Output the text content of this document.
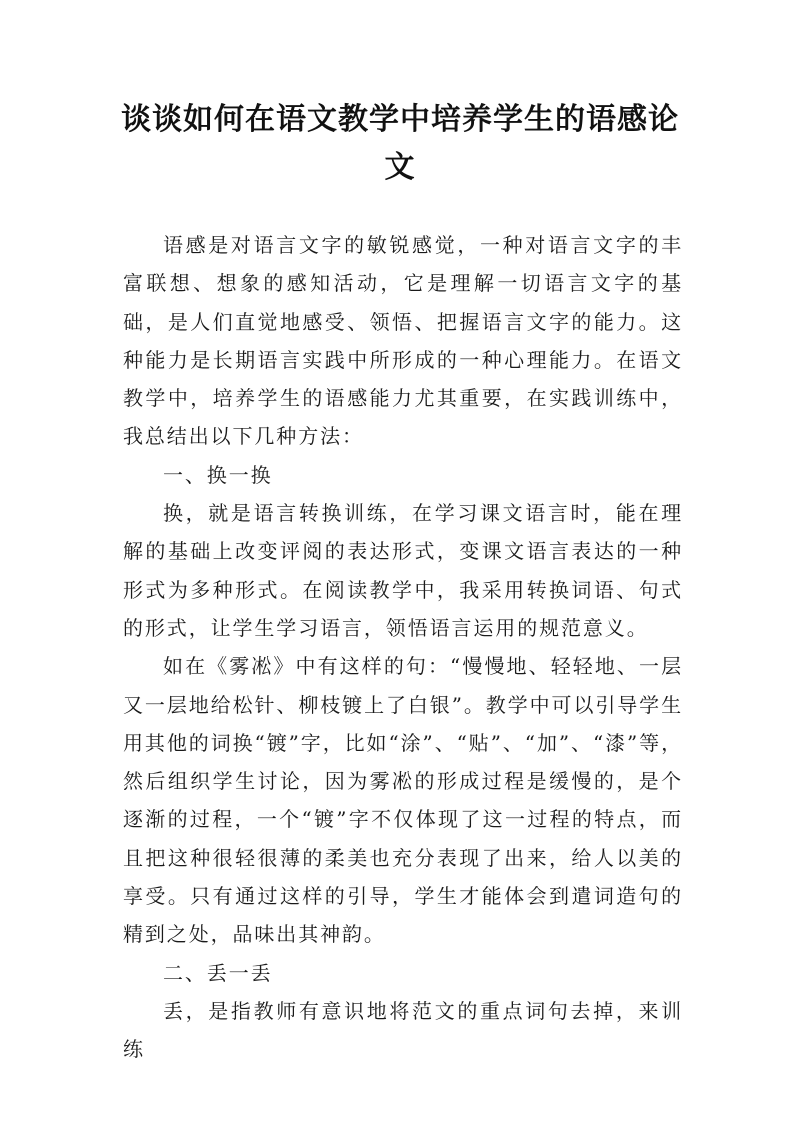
谈谈如何在语文教学中培养学生的语感论文

语感是对语言文字的敏锐感觉，一种对语言文字的丰富联想、想象的感知活动，它是理解一切语言文字的基础，是人们直觉地感受、领悟、把握语言文字的能力。这种能力是长期语言实践中所形成的一种心理能力。在语文教学中，培养学生的语感能力尤其重要，在实践训练中，我总结出以下几种方法：

一、换一换

换，就是语言转换训练，在学习课文语言时，能在理解的基础上改变评阅的表达形式，变课文语言表达的一种形式为多种形式。在阅读教学中，我采用转换词语、句式的形式，让学生学习语言，领悟语言运用的规范意义。

如在《雾凇》中有这样的句：“慢慢地、轻轻地、一层又一层地给松针、柳枝镀上了白银”。教学中可以引导学生用其他的词换“镀”字，比如“涂”、“贴”、“加”、“漆”等，然后组织学生讨论，因为雾凇的形成过程是缓慢的，是个逐渐的过程，一个“镀”字不仅体现了这一过程的特点，而且把这种很轻很薄的柔美也充分表现了出来，给人以美的享受。只有通过这样的引导，学生才能体会到遣词造句的精到之处，品味出其神韵。

二、丢一丢

丢，是指教师有意识地将范文的重点词句去掉，来训练
